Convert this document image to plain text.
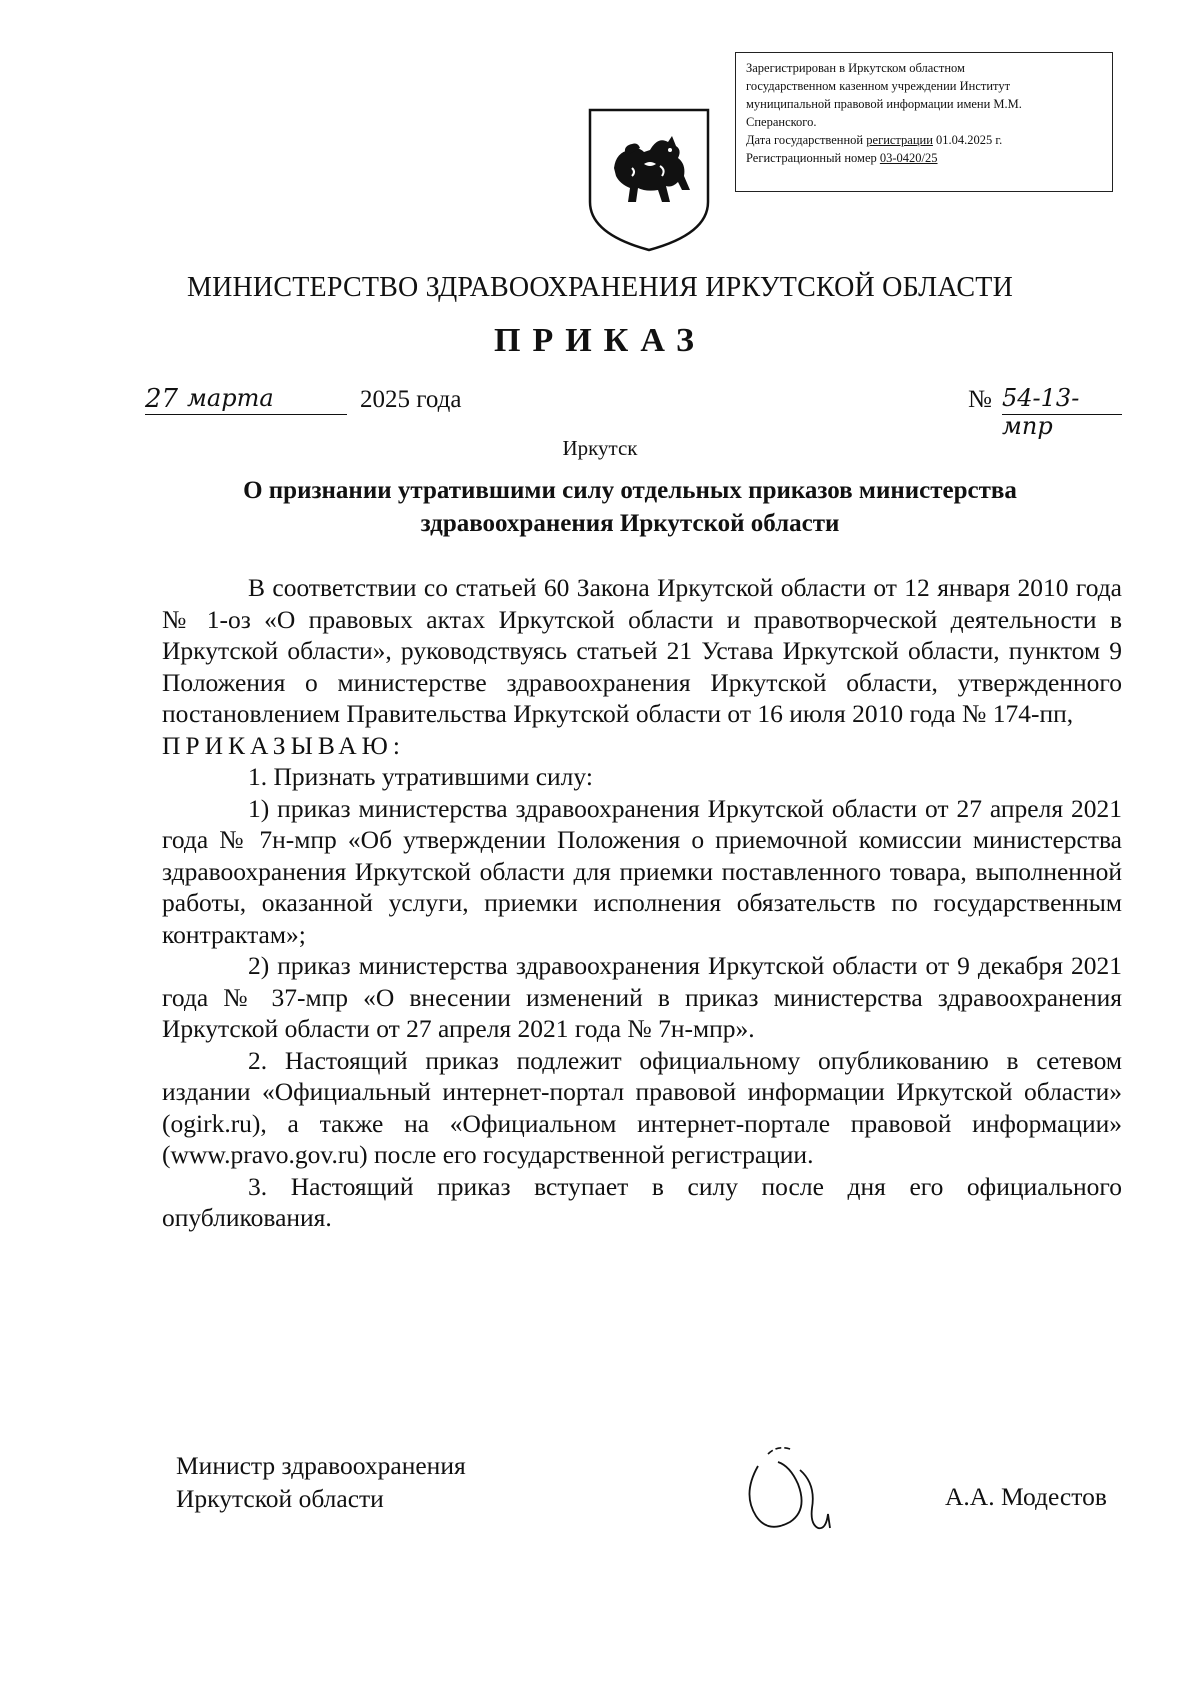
Зарегистрирован в Иркутском областном
государственном казенном учреждении Институт
муниципальной правовой информации имени М.М.
Сперанского.
Дата государственной регистрации 01.04.2025 г.
Регистрационный номер 03-0420/25
МИНИСТЕРСТВО ЗДРАВООХРАНЕНИЯ ИРКУТСКОЙ ОБЛАСТИ
ПРИКАЗ
27 марта	2025 года	№ 54-13-мпр
Иркутск
О признании утратившими силу отдельных приказов министерства здравоохранения Иркутской области

В соответствии со статьей 60 Закона Иркутской области от 12 января 2010 года № 1-оз «О правовых актах Иркутской области и правотворческой деятельности в Иркутской области», руководствуясь статьей 21 Устава Иркутской области, пунктом 9 Положения о министерстве здравоохранения Иркутской области, утвержденного постановлением Правительства Иркутской области от 16 июля 2010 года № 174-пп,

ПРИКАЗЫВАЮ:

1. Признать утратившими силу:

1) приказ министерства здравоохранения Иркутской области от 27 апреля 2021 года № 7н-мпр «Об утверждении Положения о приемочной комиссии министерства здравоохранения Иркутской области для приемки поставленного товара, выполненной работы, оказанной услуги, приемки исполнения обязательств по государственным контрактам»;

2) приказ министерства здравоохранения Иркутской области от 9 декабря 2021 года № 37-мпр «О внесении изменений в приказ министерства здравоохранения Иркутской области от 27 апреля 2021 года № 7н-мпр».

2. Настоящий приказ подлежит официальному опубликованию в сетевом издании «Официальный интернет-портал правовой информации Иркутской области» (ogirk.ru), а также на «Официальном интернет-портале правовой информации» (www.pravo.gov.ru) после его государственной регистрации.

3. Настоящий приказ вступает в силу после дня его официального опубликования.

Министр здравоохранения
Иркутской области	А.А. Модестов
